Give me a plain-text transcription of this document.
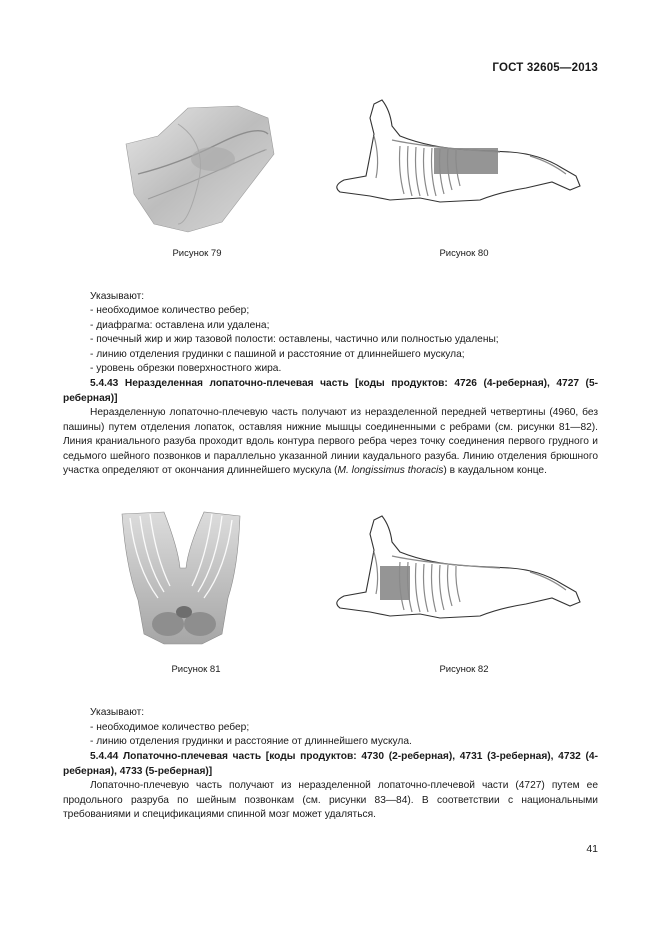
ГОСТ 32605—2013
Рисунок 79	Рисунок 80
Указывают:
- необходимое количество ребер;
- диафрагма: оставлена или удалена;
- почечный жир и жир тазовой полости: оставлены, частично или полностью удалены;
- линию отделения грудинки с пашиной и расстояние от длиннейшего мускула;
- уровень обрезки поверхностного жира.
5.4.43 Неразделенная лопаточно-плечевая часть [коды продуктов: 4726 (4-реберная), 4727 (5-реберная)]
Неразделенную лопаточно-плечевую часть получают из неразделенной передней четвертины (4960, без пашины) путем отделения лопаток, оставляя нижние мышцы соединенными с ребрами (см. рисунки 81—82). Линия краниального разуба проходит вдоль контура первого ребра через точку соединения первого грудного и седьмого шейного позвонков и параллельно указанной линии каудального разуба. Линию отделения брюшного участка определяют от окончания длиннейшего мускула (M. longissimus thoracis) в каудальном конце.
Рисунок 81	Рисунок 82
Указывают:
- необходимое количество ребер;
- линию отделения грудинки и расстояние от длиннейшего мускула.
5.4.44 Лопаточно-плечевая часть [коды продуктов: 4730 (2-реберная), 4731 (3-реберная), 4732 (4-реберная), 4733 (5-реберная)]
Лопаточно-плечевую часть получают из неразделенной лопаточно-плечевой части (4727) путем ее продольного разруба по шейным позвонкам (см. рисунки 83—84). В соответствии с национальными требованиями и спецификациями спинной мозг может удаляться.
41
